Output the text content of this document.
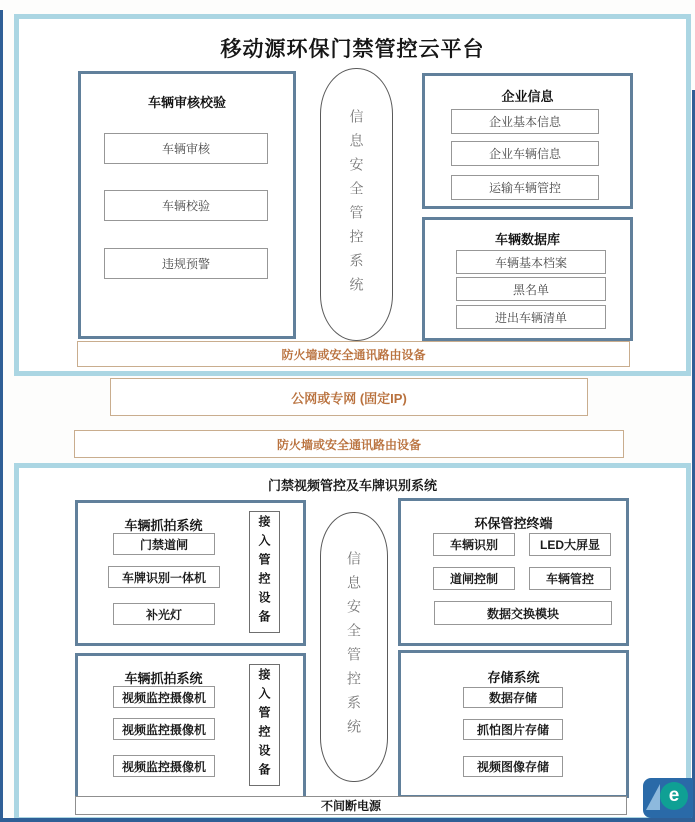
移动源环保门禁管控云平台
车辆审核校验
车辆审核
车辆校验
违规预警	信息安全管控系统
企业信息
企业基本信息
企业车辆信息
运输车辆管控
车辆数据库
车辆基本档案
黑名单
进出车辆清单
防火墙或安全通讯路由设备
公网或专网 (固定IP)
防火墙或安全通讯路由设备
门禁视频管控及车牌识别系统
车辆抓拍系统
门禁道闸
车牌识别一体机
补光灯	接入管控设备
车辆抓拍系统
视频监控摄像机
视频监控摄像机
视频监控摄像机	接入管控设备	信息安全管控系统
环保管控终端
车辆识别	LED大屏显
道闸控制	车辆管控
数据交换模块
存储系统
数据存储
抓怕图片存储
视频图像存储
不间断电源	e
